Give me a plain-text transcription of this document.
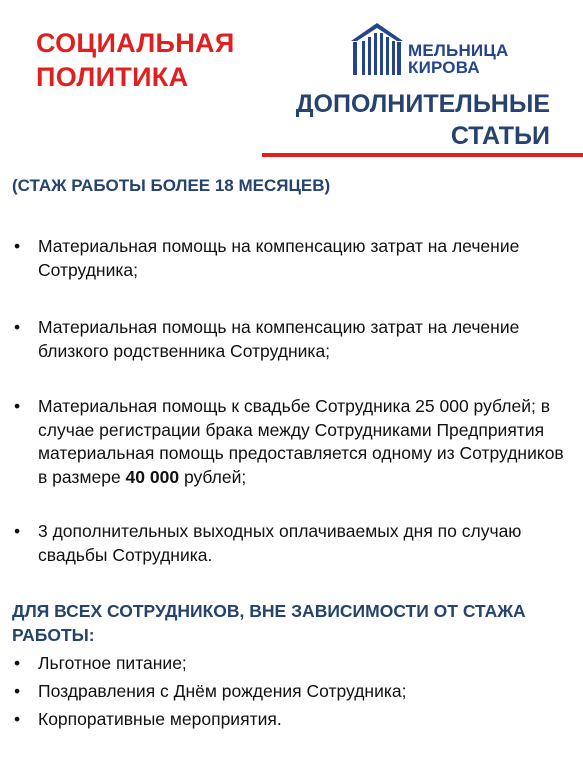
СОЦИАЛЬНАЯ
ПОЛИТИКА
МЕЛЬНИЦА
КИРОВА
ДОПОЛНИТЕЛЬНЫЕ
СТАТЬИ

(СТАЖ РАБОТЫ БОЛЕЕ 18 МЕСЯЦЕВ)

• Материальная помощь на компенсацию затрат на лечение Сотрудника;
• Материальная помощь на компенсацию затрат на лечение близкого родственника Сотрудника;
• Материальная помощь к свадьбе Сотрудника 25 000 рублей; в случае регистрации брака между Сотрудниками Предприятия материальная помощь предоставляется одному из Сотрудников в размере 40 000 рублей;
• 3 дополнительных выходных оплачиваемых дня по случаю свадьбы Сотрудника.

ДЛЯ ВСЕХ СОТРУДНИКОВ, ВНЕ ЗАВИСИМОСТИ ОТ СТАЖА РАБОТЫ:

• Льготное питание;
• Поздравления с Днём рождения Сотрудника;
• Корпоративные мероприятия.
